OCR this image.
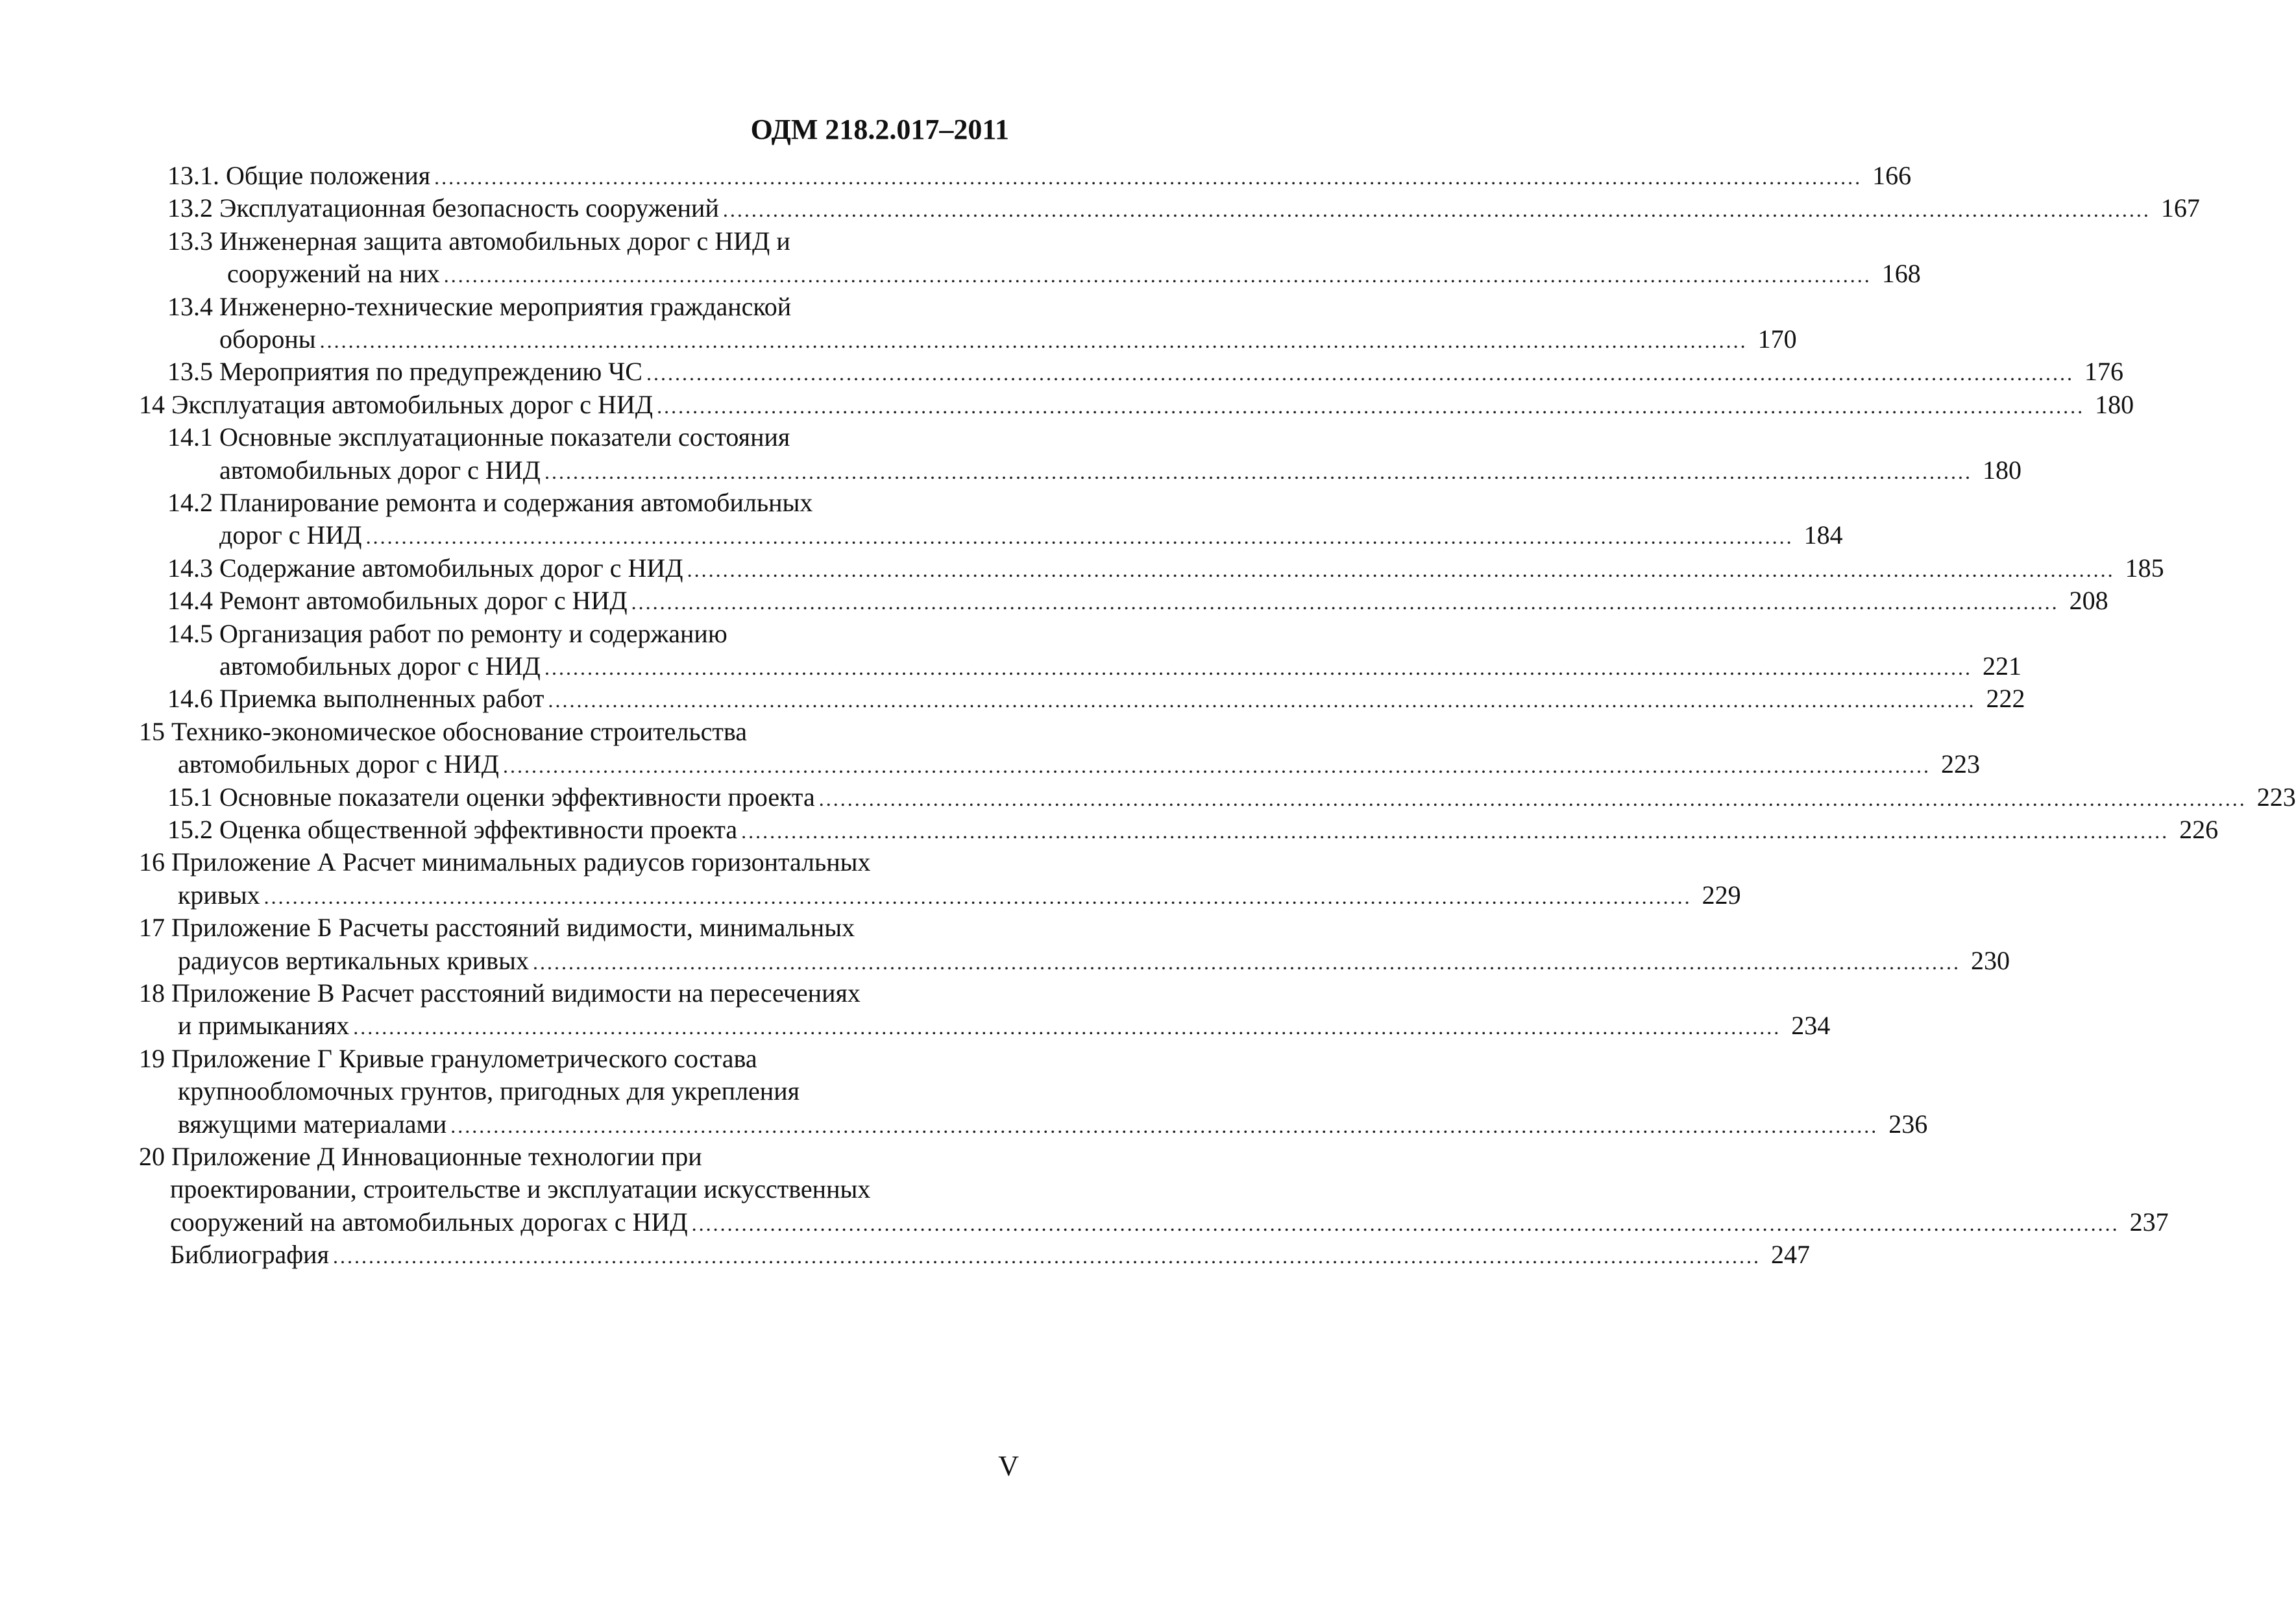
ОДМ 218.2.017–2011
13.1. Общие положения ........................................................................................................................................................................................................ 166
13.2 Эксплуатационная безопасность сооружений ........................................................................................................................................................................................................ 167
13.3 Инженерная защита автомобильных дорог с НИД и
сооружений на них ........................................................................................................................................................................................................ 168
13.4 Инженерно-технические мероприятия гражданской
обороны ........................................................................................................................................................................................................ 170
13.5 Мероприятия по предупреждению ЧС ........................................................................................................................................................................................................ 176
14 Эксплуатация автомобильных дорог с НИД ........................................................................................................................................................................................................ 180
14.1 Основные эксплуатационные показатели состояния
автомобильных дорог с НИД ........................................................................................................................................................................................................ 180
14.2 Планирование ремонта и содержания автомобильных
дорог с НИД ........................................................................................................................................................................................................ 184
14.3 Содержание автомобильных дорог с НИД ........................................................................................................................................................................................................ 185
14.4 Ремонт автомобильных дорог с НИД ........................................................................................................................................................................................................ 208
14.5 Организация работ по ремонту и содержанию
автомобильных дорог с НИД ........................................................................................................................................................................................................ 221
14.6 Приемка выполненных работ ........................................................................................................................................................................................................ 222
15 Технико-экономическое обоснование строительства
автомобильных дорог с НИД ........................................................................................................................................................................................................ 223
15.1 Основные показатели оценки эффективности проекта ........................................................................................................................................................................................................ 223
15.2 Оценка общественной эффективности проекта ........................................................................................................................................................................................................ 226
16 Приложение А Расчет минимальных радиусов горизонтальных
кривых ........................................................................................................................................................................................................ 229
17 Приложение Б Расчеты расстояний видимости, минимальных
радиусов вертикальных кривых ........................................................................................................................................................................................................ 230
18 Приложение В Расчет расстояний видимости на пересечениях
и примыканиях ........................................................................................................................................................................................................ 234
19 Приложение Г Кривые гранулометрического состава
крупнообломочных грунтов, пригодных для укрепления
вяжущими материалами ........................................................................................................................................................................................................ 236
20 Приложение Д Инновационные технологии при
проектировании, строительстве и эксплуатации искусственных
сооружений на автомобильных дорогах с НИД ........................................................................................................................................................................................................ 237
Библиография ........................................................................................................................................................................................................ 247
V
